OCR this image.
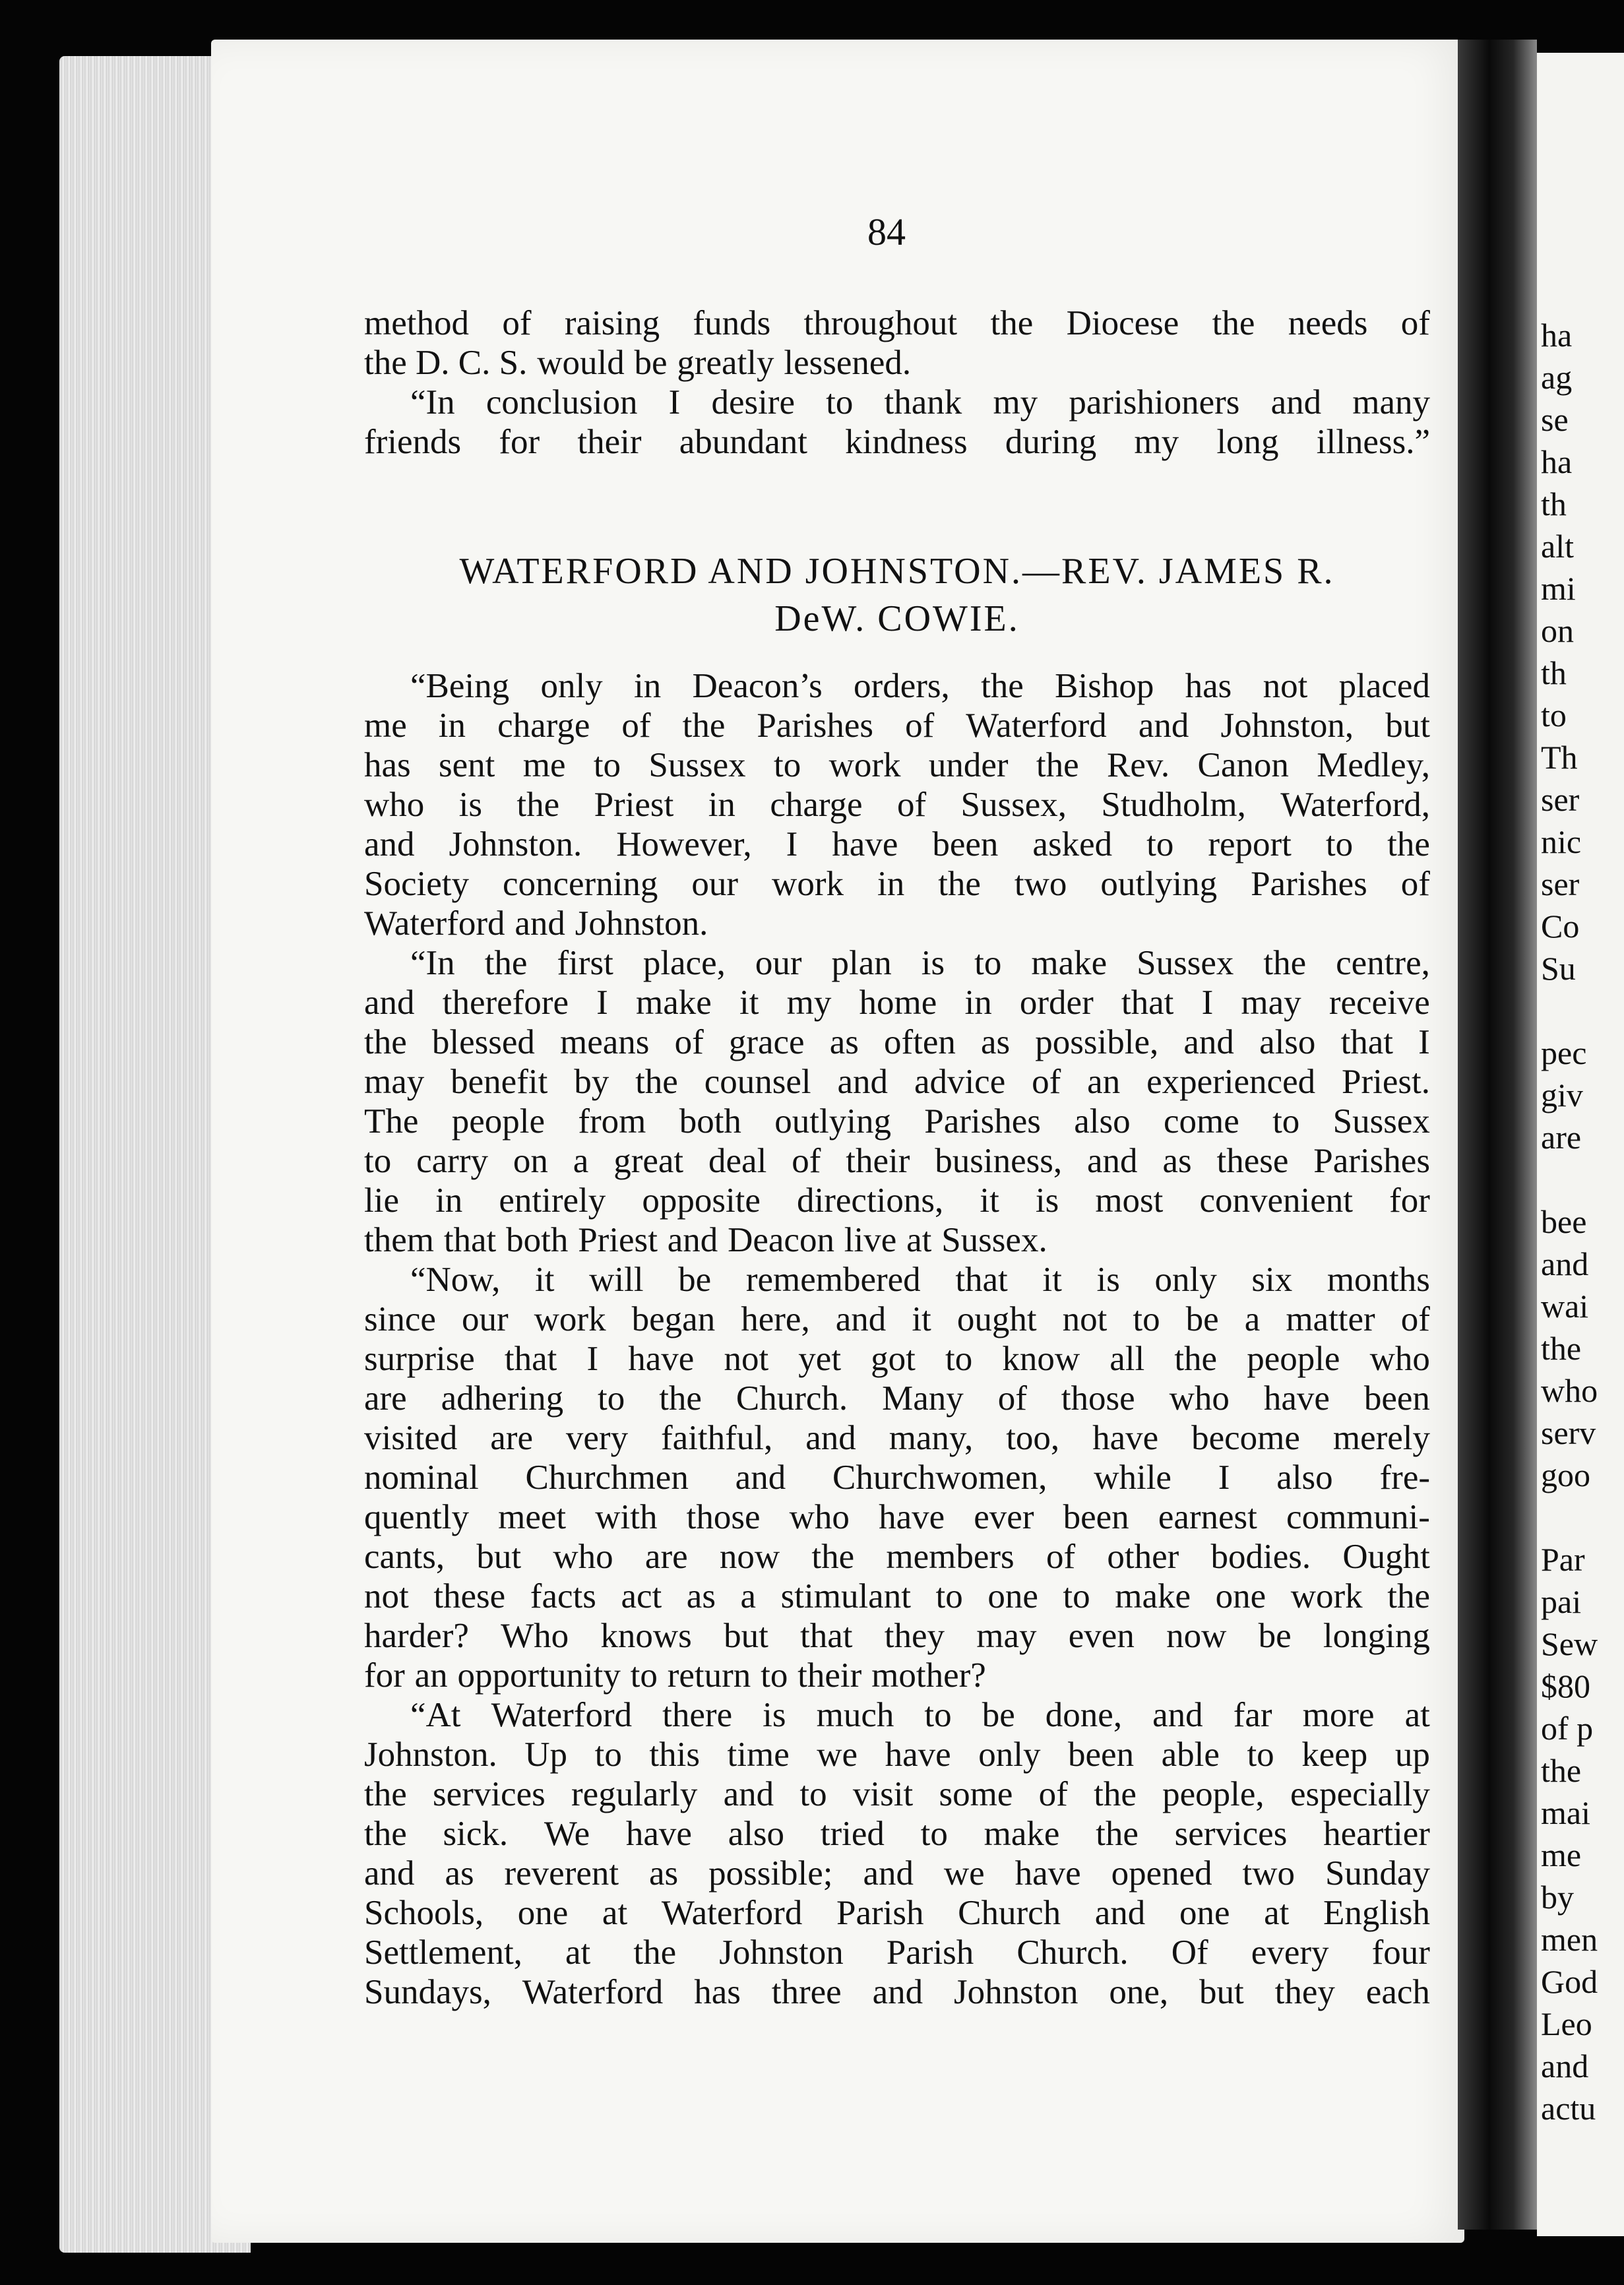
ha
ag
se
ha
th
alt
mi
on
th
to
Th
ser
nic
ser
Co
Su
pec
giv
are
bee
and
wai
the
who
serv
goo
Par
pai
Sew
$80
of p
the
mai
me
by
men
God
Leo
and
actu
84
method of raising funds throughout the Diocese the needs of
the D. C. S. would be greatly lessened.
“In conclusion I desire to thank my parishioners and many
friends for their abundant kindness during my long illness.”
WATERFORD AND JOHNSTON.—REV. JAMES R.
DeW. COWIE.
“Being only in Deacon’s orders, the Bishop has not placed
me in charge of the Parishes of Waterford and Johnston, but
has sent me to Sussex to work under the Rev. Canon Medley,
who is the Priest in charge of Sussex, Studholm, Waterford,
and Johnston. However, I have been asked to report to the
Society concerning our work in the two outlying Parishes of
Waterford and Johnston.
“In the first place, our plan is to make Sussex the centre,
and therefore I make it my home in order that I may receive
the blessed means of grace as often as possible, and also that I
may benefit by the counsel and advice of an experienced Priest.
The people from both outlying Parishes also come to Sussex
to carry on a great deal of their business, and as these Parishes
lie in entirely opposite directions, it is most convenient for
them that both Priest and Deacon live at Sussex.
“Now, it will be remembered that it is only six months
since our work began here, and it ought not to be a matter of
surprise that I have not yet got to know all the people who
are adhering to the Church. Many of those who have been
visited are very faithful, and many, too, have become merely
nominal Churchmen and Churchwomen, while I also fre-
quently meet with those who have ever been earnest communi-
cants, but who are now the members of other bodies. Ought
not these facts act as a stimulant to one to make one work the
harder? Who knows but that they may even now be longing
for an opportunity to return to their mother?
“At Waterford there is much to be done, and far more at
Johnston. Up to this time we have only been able to keep up
the services regularly and to visit some of the people, especially
the sick. We have also tried to make the services heartier
and as reverent as possible; and we have opened two Sunday
Schools, one at Waterford Parish Church and one at English
Settlement, at the Johnston Parish Church. Of every four
Sundays, Waterford has three and Johnston one, but they each
